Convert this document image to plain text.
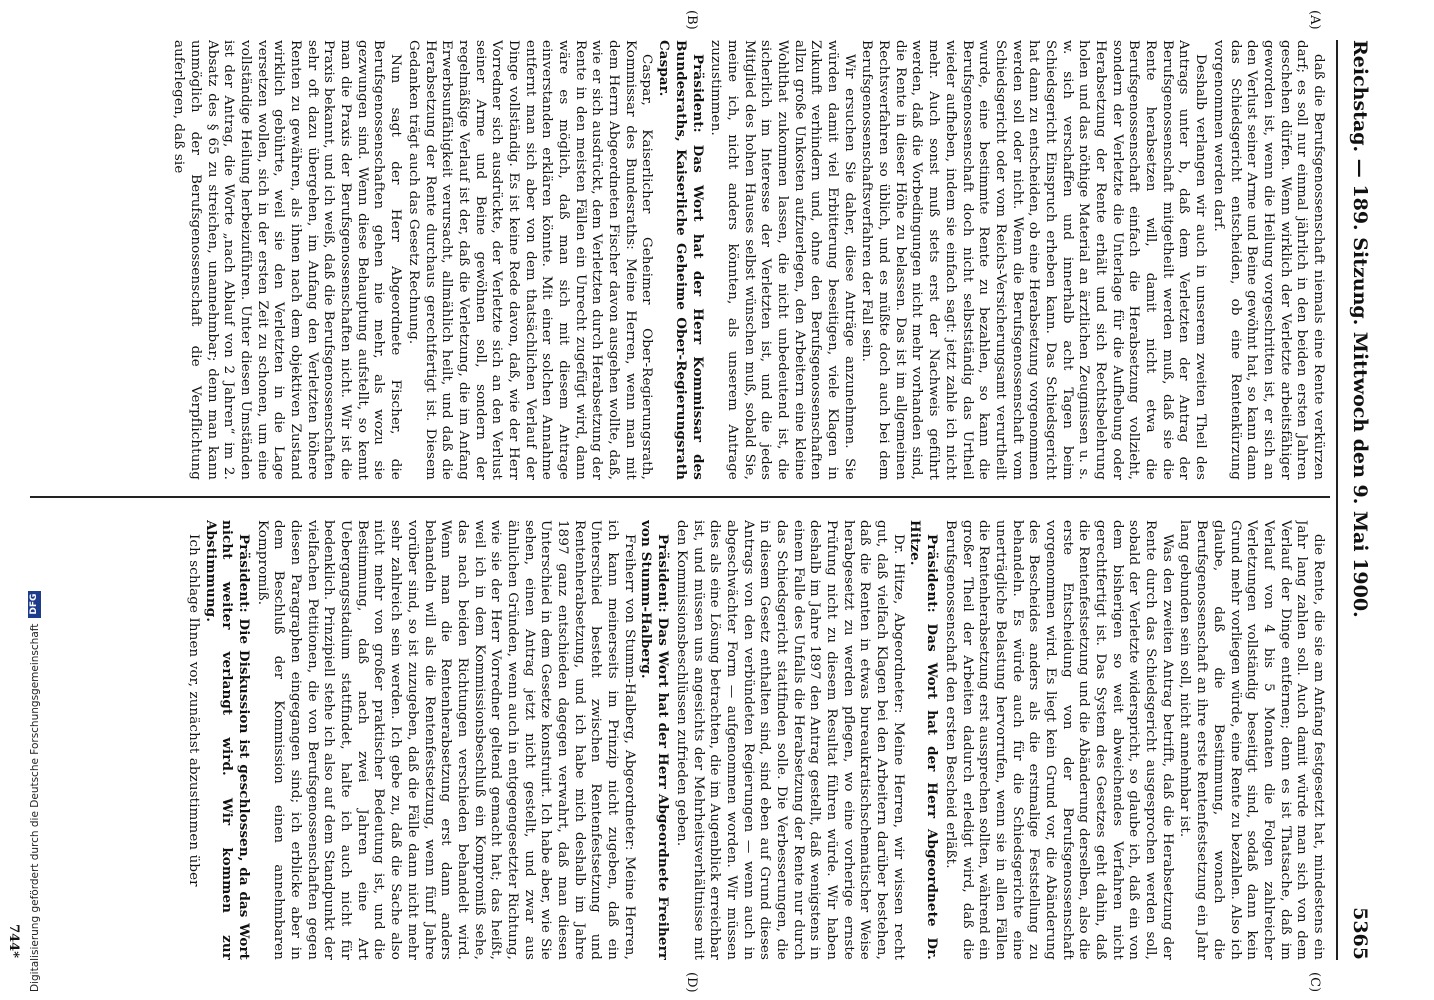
Digitalisierung gefördert durch die Deutsche Forschungsgemeinschaft
DFG	Reichstag. — 189. Sitzung. Mittwoch den 9. Mai 1900.
5365
(A)
(B)
(C)
(D)

daß die Berufsgenossenschaft niemals eine Rente verkürzen darf; es soll nur einmal jährlich in den beiden ersten Jahren geschehen dürfen. Wenn wirklich der Verletzte arbeitsfähiger geworden ist, wenn die Heilung vorgeschritten ist, er sich an den Verlust seiner Arme und Beine gewöhnt hat, so kann dann das Schiedsgericht entscheiden, ob eine Rentenkürzung vorgenommen werden darf.

Deshalb verlangen wir auch in unserem zweiten Theil des Antrags unter b, daß dem Verletzten der Antrag der Berufsgenossenschaft mitgetheilt werden muß, daß sie die Rente herabsetzen will, damit nicht etwa die Berufsgenossenschaft einfach die Herabsetzung vollzieht, sondern der Verletzte die Unterlage für die Aufhebung oder Herabsetzung der Rente erhält und sich Rechtsbelehrung holen und das nöthige Material an ärztlichen Zeugnissen u. s. w. sich verschaffen und innerhalb acht Tagen beim Schiedsgericht Einspruch erheben kann. Das Schiedsgericht hat dann zu entscheiden, ob eine Herabsetzung vorgenommen werden soll oder nicht. Wenn die Berufsgenossenschaft vom Schiedsgericht oder vom Reichs-Versicherungsamt verurtheilt wurde, eine bestimmte Rente zu bezahlen, so kann die Berufsgenossenschaft doch nicht selbstständig das Urtheil wieder aufheben, indem sie einfach sagt: jetzt zahle ich nicht mehr. Auch sonst muß stets erst der Nachweis geführt werden, daß die Vorbedingungen nicht mehr vorhanden sind, die Rente in dieser Höhe zu belassen. Das ist im allgemeinen Rechtsverfahren so üblich, und es müßte doch auch bei dem Berufsgenossenschaftsverfahren der Fall sein.

Wir ersuchen Sie daher, diese Anträge anzunehmen. Sie würden damit viel Erbitterung beseitigen, viele Klagen in Zukunft verhindern und, ohne den Berufsgenossenschaften allzu große Unkosten aufzuerlegen, den Arbeitern eine kleine Wohlthat zukommen lassen, die nicht unbedeutend ist, die sicherlich im Interesse der Verletzten ist, und die jedes Mitglied des hohen Hauses selbst wünschen muß, sobald Sie, meine ich, nicht anders könnten, als unserem Antrage zuzustimmen.

Präsident: Das Wort hat der Herr Kommissar des Bundesraths, Kaiserliche Geheime Ober-Regierungsrath Caspar.

Caspar, Kaiserlicher Geheimer Ober-Regierungsrath, Kommissar des Bundesraths: Meine Herren, wenn man mit dem Herrn Abgeordneten Fischer davon ausgehen wollte, daß, wie er sich ausdrückt, dem Verletzten durch Herabsetzung der Rente in den meisten Fällen ein Unrecht zugefügt wird, dann wäre es möglich, daß man sich mit diesem Antrage einverstanden erklären könnte. Mit einer solchen Annahme entfernt man sich aber von dem thatsächlichen Verlauf der Dinge vollständig. Es ist keine Rede davon, daß, wie der Herr Vorredner sich ausdrückte, der Verletzte sich an den Verlust seiner Arme und Beine gewöhnen soll, sondern der regelmäßige Verlauf ist der, daß die Verletzung, die im Anfang Erwerbsunfähigkeit verursacht, allmählich heilt, und daß die Herabsetzung der Rente durchaus gerechtfertigt ist. Diesem Gedanken trägt auch das Gesetz Rechnung.

Nun sagt der Herr Abgeordnete Fischer, die Berufsgenossenschaften gehen nie mehr, als wozu sie gezwungen sind. Wenn diese Behauptung aufstellt, so kennt man die Praxis der Berufsgenossenschaften nicht. Wir ist die Praxis bekannt, und ich weiß, daß die Berufsgenossenschaften sehr oft dazu übergehen, im Anfang den Verletzten höhere Renten zu gewähren, als ihnen nach dem objektiven Zustand wirklich gebührte, weil sie den Verletzten in die Lage versetzen wollen, sich in der ersten Zeit zu schonen, um eine vollständige Heilung herbeizuführen. Unter diesen Umständen ist der Antrag, die Worte „nach Ablauf von 2 Jahren“ im 2. Absatz des § 65 zu streichen, unannehmbar; denn man kann unmöglich der Berufsgenossenschaft die Verpflichtung auferlegen, daß sie

die Rente, die sie am Anfang festgesetzt hat, mindestens ein Jahr lang zahlen soll. Auch damit würde man sich von dem Verlauf der Dinge entfernen; denn es ist Thatsache, daß im Verlauf von 4 bis 5 Monaten die Folgen zahlreicher Verletzungen vollständig beseitigt sind, sodaß dann kein Grund mehr vorliegen würde, eine Rente zu bezahlen. Also ich glaube, daß die Bestimmung, wonach die Berufsgenossenschaft an ihre erste Rentenfestsetzung ein Jahr lang gebunden sein soll, nicht annehmbar ist.

Was den zweiten Antrag betrifft, daß die Herabsetzung der Rente durch das Schiedsgericht ausgesprochen werden soll, sobald der Verletzte widerspricht, so glaube ich, daß ein von dem bisherigen so weit abweichendes Verfahren nicht gerechtfertigt ist. Das System des Gesetzes geht dahin, daß die Rentenfestsetzung und die Abänderung derselben, also die erste Entscheidung von der Berufsgenossenschaft vorgenommen wird. Es liegt kein Grund vor, die Abänderung des Bescheides anders als die erstmalige Feststellung zu behandeln. Es würde auch für die Schiedsgerichte eine unerträgliche Belastung hervorrufen, wenn sie in allen Fällen die Rentenherabsetzung erst aussprechen sollten, während ein großer Theil der Arbeiten dadurch erledigt wird, daß die Berufsgenossenschaft den ersten Bescheid erläßt.

Präsident: Das Wort hat der Herr Abgeordnete Dr. Hitze.

Dr. Hitze, Abgeordneter: Meine Herren, wir wissen recht gut, daß vielfach Klagen bei den Arbeitern darüber bestehen, daß die Renten in etwas bureaukratischschematischer Weise herabgesetzt zu werden pflegen, wo eine vorherige ernste Prüfung nicht zu diesem Resultat führen würde. Wir haben deshalb im Jahre 1897 den Antrag gestellt, daß wenigstens in einem Falle des Unfalls die Herabsetzung der Rente nur durch das Schiedsgericht stattfinden solle. Die Verbesserungen, die in diesem Gesetz enthalten sind, sind eben auf Grund dieses Antrags von den verbündeten Regierungen — wenn auch in abgeschwächter Form — aufgenommen worden. Wir müssen dies als eine Lösung betrachten, die im Augenblick erreichbar ist, und müssen uns angesichts der Mehrheitsverhältnisse mit den Kommissionsbeschlüssen zufrieden geben.

Präsident: Das Wort hat der Herr Abgeordnete Freiherr von Stumm-Halberg.

Freiherr von Stumm-Halberg, Abgeordneter: Meine Herren, ich kann meinerseits im Prinzip nicht zugeben, daß ein Unterschied besteht zwischen Rentenfestsetzung und Rentenherabsetzung, und ich habe mich deshalb im Jahre 1897 ganz entschieden dagegen verwahrt, daß man diesen Unterschied in dem Gesetze konstruirt. Ich habe aber, wie Sie sehen, einen Antrag jetzt nicht gestellt, und zwar aus ähnlichen Gründen, wenn auch in entgegengesetzter Richtung, wie sie der Herr Vorredner geltend gemacht hat; das heißt, weil ich in dem Kommissionsbeschluß ein Kompromiß sehe, das nach beiden Richtungen verschieden behandelt wird. Wenn man die Rentenherabsetzung erst dann anders behandeln will als die Rentenfestsetzung, wenn fünf Jahre vorüber sind, so ist zuzugeben, daß die Fälle dann nicht mehr sehr zahlreich sein werden. Ich gebe zu, daß die Sache also nicht mehr von großer praktischer Bedeutung ist, und die Bestimmung, daß nach zwei Jahren eine Art Uebergangsstadium stattfindet, halte ich auch nicht für bedenklich. Prinzipiell stehe ich also auf dem Standpunkt der vielfachen Petitionen, die von Berufsgenossenschaften gegen diesen Paragraphen eingegangen sind; ich erblicke aber in dem Beschluß der Kommission einen annehmbaren Kompromiß.

Präsident: Die Diskussion ist geschlossen, da das Wort nicht weiter verlangt wird. Wir kommen zur Abstimmung.

Ich schlage Ihnen vor, zunächst abzustimmen über

744*
